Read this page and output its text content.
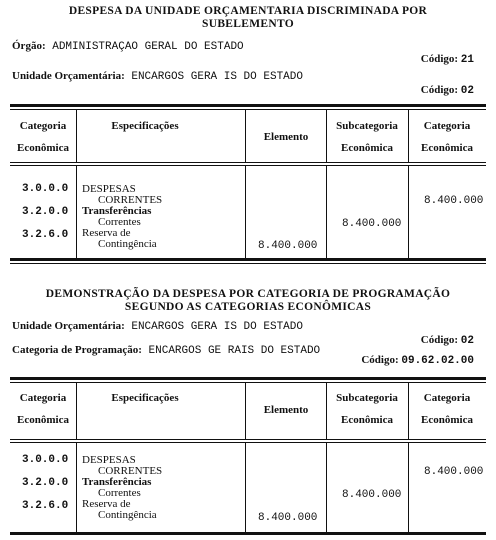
DESPESA DA UNIDADE ORÇAMENTARIA DISCRIMINADA POR
SUBELEMENTO
Órgão: ADMINISTRAÇAO GERAL DO ESTADO
Código: 21
Unidade Orçamentária: ENCARGOS GERA IS DO ESTADO
Código: 02
Categoria
Econômica
Especificações
Elemento
Subcategoria
Econômica
Categoria
Econômica
3.0.0.0
3.2.0.0
3.2.6.0
DESPESAS
CORRENTES
Transferências
Correntes
Reserva de
Contingência	8.400.000
8.400.000
8.400.000
DEMONSTRAÇÃO DA DESPESA POR CATEGORIA DE PROGRAMAÇÃO
SEGUNDO AS CATEGORIAS ECONÔMICAS
Unidade Orçamentária: ENCARGOS GERA IS DO ESTADO
Código: 02
Categoria de Programação: ENCARGOS GE RAIS DO ESTADO
Código: 09.62.02.00
Categoria
Econômica
Especificações
Elemento
Subcategoria
Econômica
Categoria
Econômica
3.0.0.0
3.2.0.0
3.2.6.0
DESPESAS
CORRENTES
Transferências
Correntes
Reserva de
Contingência	8.400.000
8.400.000
8.400.000
